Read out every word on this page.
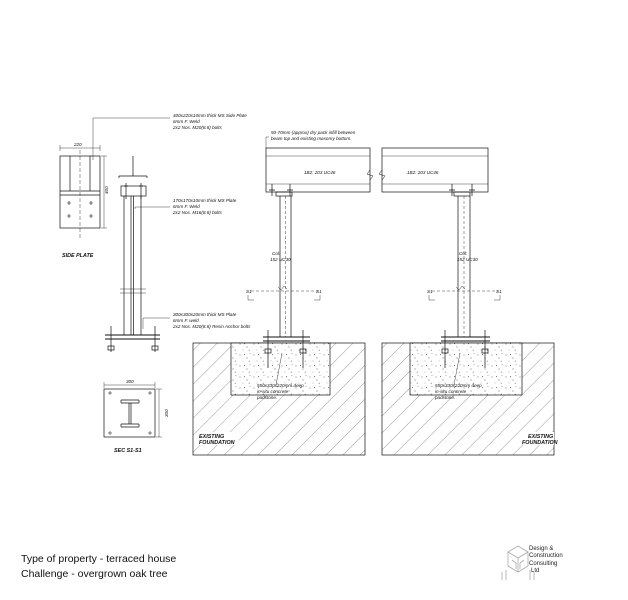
220
400
SIDE PLATE
400x220x10mm thick MS Side Plate
6mm F. Weld
2x2 Nos. M20(8.8) bolts
170x170x10mm thick MS Plate
6mm F. Weld
2x2 Nos. M16(8.8) bolts
300x300x20mm thick MS Plate
6mm F. weld
2x2 Nos. M20(8.8) Resin Anchor bolts
300
300
SEC S1-S1
50-70mm (approx) dry pack infill between
beam top and existing masonry bottom.
1B2: 203 UC46
Col:
152 UC30
S1	S1
550x330x220mm deep
in-situ concrete
padstone.
EXISTING
FOUNDATION
1B2: 203 UC46
Col:
152 UC30
S1	S1
550x330x220mm deep
in-situ concrete
padstone.
EXISTING
FOUNDATION
Type of property - terraced house
Challenge - overgrown oak tree
Design &
Construction
Consulting
Ltd
